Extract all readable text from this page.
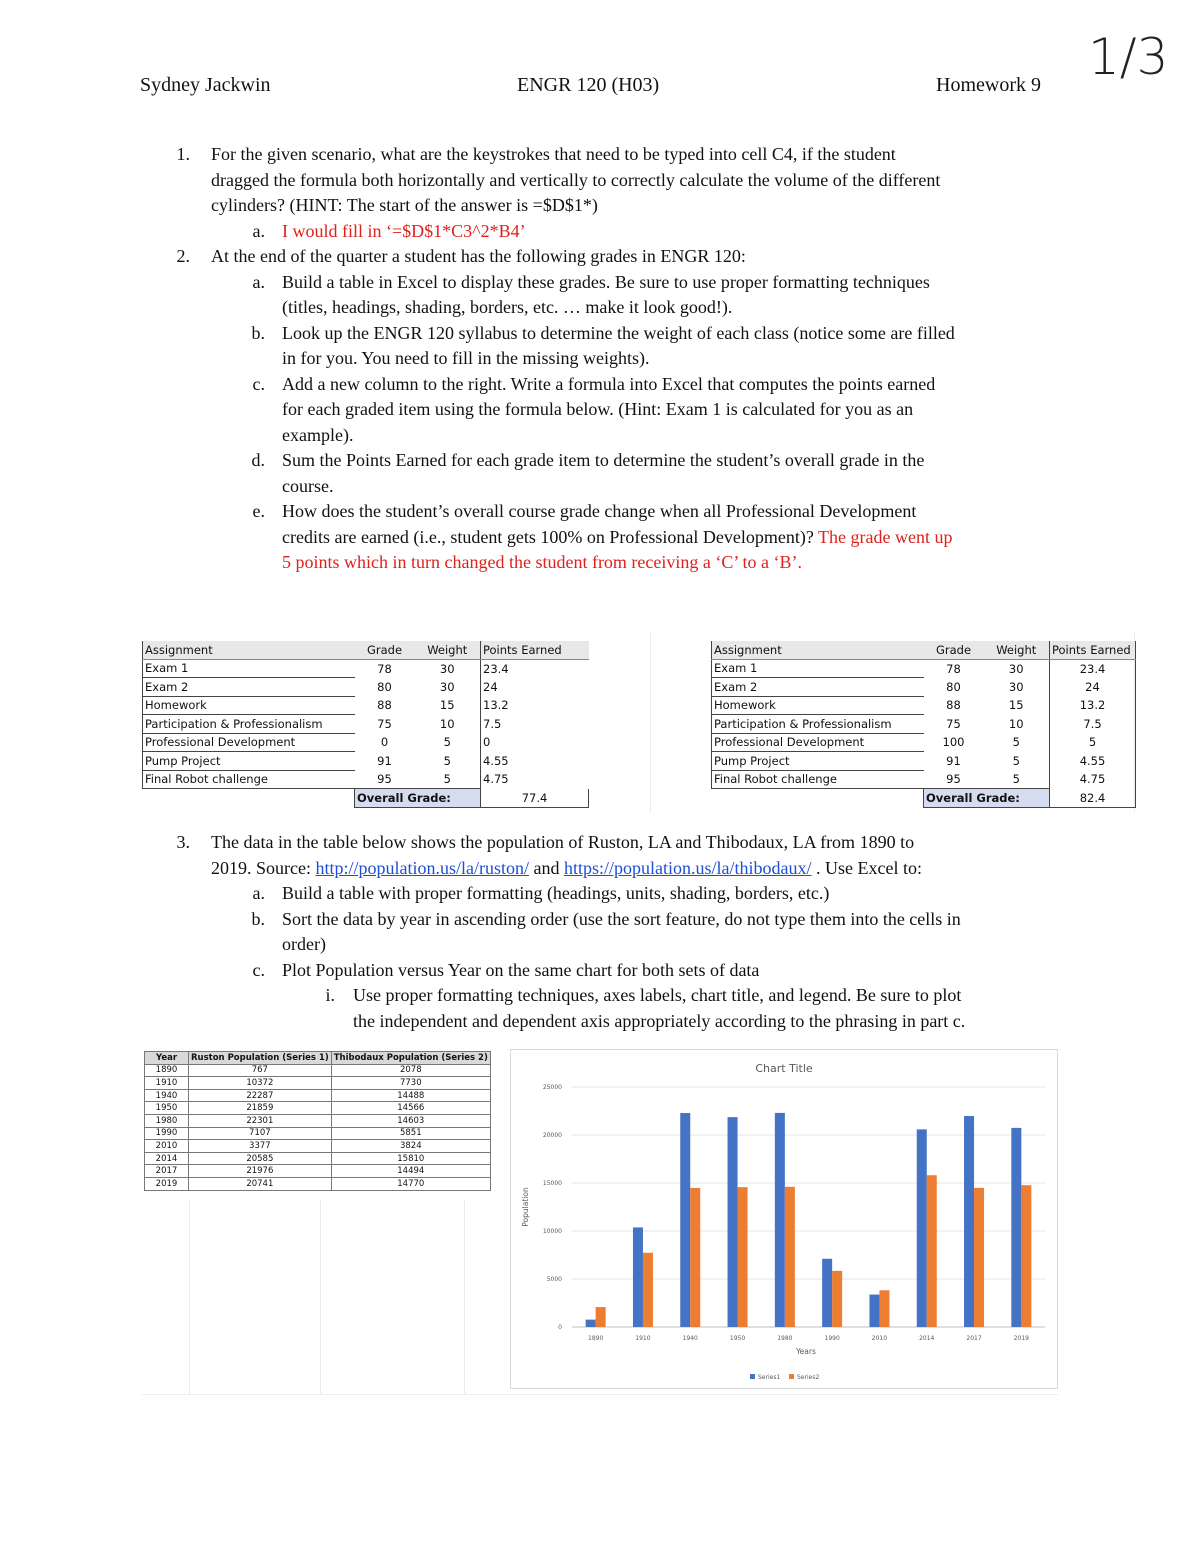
Sydney Jackwin	ENGR 120 (H03)	Homework 9 1/3
1. For the given scenario, what are the keystrokes that need to be typed into cell C4, if the student
dragged the formula both horizontally and vertically to correctly calculate the volume of the different
cylinders? (HINT: The start of the answer is =$D$1*)
a. I would fill in ‘=$D$1*C3^2*B4’
2. At the end of the quarter a student has the following grades in ENGR 120:
a. Build a table in Excel to display these grades. Be sure to use proper formatting techniques
(titles, headings, shading, borders, etc. … make it look good!).
b. Look up the ENGR 120 syllabus to determine the weight of each class (notice some are filled
in for you. You need to fill in the missing weights).
c. Add a new column to the right. Write a formula into Excel that computes the points earned
for each graded item using the formula below. (Hint: Exam 1 is calculated for you as an
example).
d. Sum the Points Earned for each grade item to determine the student’s overall grade in the
course.
e. How does the student’s overall course grade change when all Professional Development
credits are earned (i.e., student gets 100% on Professional Development)? The grade went up
5 points which in turn changed the student from receiving a ‘C’ to a ‘B’.
Assignment	Grade	Weight	Points Earned
Exam 1	78	30	23.4
Exam 2	80	30	24
Homework	88	15	13.2
Participation & Professionalism	75	10	7.5
Professional Development	0	5	0
Pump Project	91	5	4.55
Final Robot challenge	95	5	4.75
	Overall Grade:		77.4
Assignment	Grade	Weight	Points Earned
Exam 1	78	30	23.4
Exam 2	80	30	24
Homework	88	15	13.2
Participation & Professionalism	75	10	7.5
Professional Development	100	5	5
Pump Project	91	5	4.55
Final Robot challenge	95	5	4.75
	Overall Grade:		82.4
3. The data in the table below shows the population of Ruston, LA and Thibodaux, LA from 1890 to
2019. Source: http://population.us/la/ruston/ and https://population.us/la/thibodaux/ . Use Excel to:
a. Build a table with proper formatting (headings, units, shading, borders, etc.)
b. Sort the data by year in ascending order (use the sort feature, do not type them into the cells in
order)
c. Plot Population versus Year on the same chart for both sets of data
i. Use proper formatting techniques, axes labels, chart title, and legend. Be sure to plot
the independent and dependent axis appropriately according to the phrasing in part c.
Year	Ruston Population (Series 1)	Thibodaux Population (Series 2)
1890	767	2078
1910	10372	7730
1940	22287	14488
1950	21859	14566
1980	22301	14603
1990	7107	5851
2010	3377	3824
2014	20585	15810
2017	21976	14494
2019	20741	14770
Chart Title
Population
Years
1890	1910	1940	1950	1980	1990	2010	2014	2017	2019
0
5000
10000
15000
20000
25000
Series1	Series2
